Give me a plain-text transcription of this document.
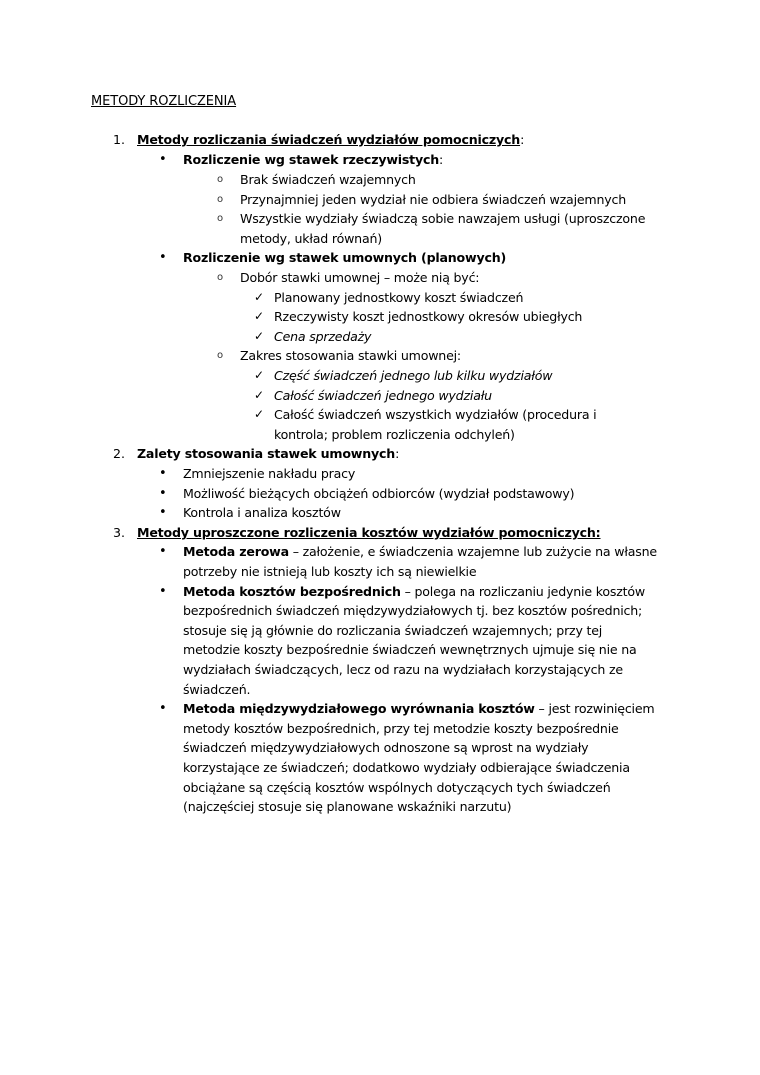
METODY ROZLICZENIA
1. Metody rozliczania świadczeń wydziałów pomocniczych:
• Rozliczenie wg stawek rzeczywistych:
o Brak świadczeń wzajemnych
o Przynajmniej jeden wydział nie odbiera świadczeń wzajemnych
o Wszystkie wydziały świadczą sobie nawzajem usługi (uproszczone
metody, układ równań)
• Rozliczenie wg stawek umownych (planowych)
o Dobór stawki umownej – może nią być:
✓ Planowany jednostkowy koszt świadczeń
✓ Rzeczywisty koszt jednostkowy okresów ubiegłych
✓ Cena sprzedaży
o Zakres stosowania stawki umownej:
✓ Część świadczeń jednego lub kilku wydziałów
✓ Całość świadczeń jednego wydziału
✓ Całość świadczeń wszystkich wydziałów (procedura i
kontrola; problem rozliczenia odchyleń)
2. Zalety stosowania stawek umownych:
• Zmniejszenie nakładu pracy
• Możliwość bieżących obciążeń odbiorców (wydział podstawowy)
• Kontrola i analiza kosztów
3. Metody uproszczone rozliczenia kosztów wydziałów pomocniczych:
• Metoda zerowa – założenie, e świadczenia wzajemne lub zużycie na własne
potrzeby nie istnieją lub koszty ich są niewielkie
• Metoda kosztów bezpośrednich – polega na rozliczaniu jedynie kosztów
bezpośrednich świadczeń międzywydziałowych tj. bez kosztów pośrednich;
stosuje się ją głównie do rozliczania świadczeń wzajemnych; przy tej
metodzie koszty bezpośrednie świadczeń wewnętrznych ujmuje się nie na
wydziałach świadczących, lecz od razu na wydziałach korzystających ze
świadczeń.
• Metoda międzywydziałowego wyrównania kosztów – jest rozwinięciem
metody kosztów bezpośrednich, przy tej metodzie koszty bezpośrednie
świadczeń międzywydziałowych odnoszone są wprost na wydziały
korzystające ze świadczeń; dodatkowo wydziały odbierające świadczenia
obciążane są częścią kosztów wspólnych dotyczących tych świadczeń
(najczęściej stosuje się planowane wskaźniki narzutu)
